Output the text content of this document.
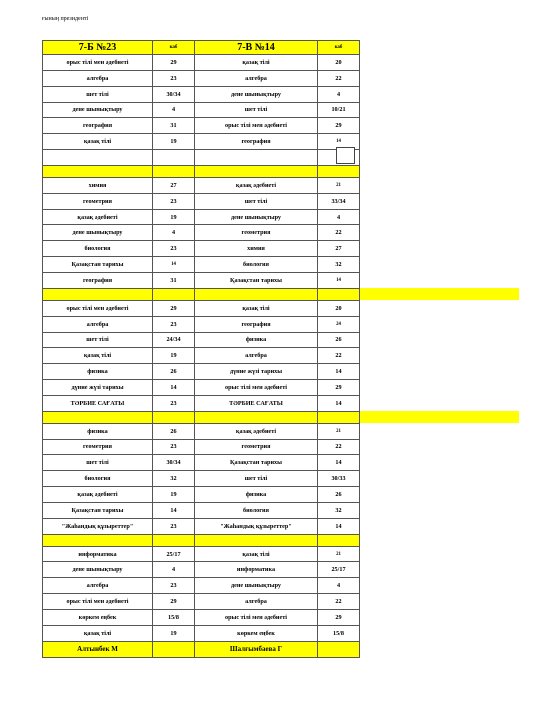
ғының президенті
7-Б №23	каб	7-В №14	каб
орыс тілі мен әдебиеті	29	қазақ тілі	20
алгебра	23	алгебра	22
шет тілі	30/34	дене шынықтыру	4
дене шынықтыру	4	шет тілі	10/21
география	31	орыс тілі мен әдебиеті	29
қазақ тілі	19	география	14

химия	27	қазақ әдебиеті	21
геометрия	23	шет тілі	33/34
қазақ әдебиеті	19	дене шынықтыру	4
дене шынықтыру	4	геометрия	22
биология	23	химия	27
Қазақстан тарихы	14	биология	32
география	31	Қазақстан тарихы	14

орыс тілі мен әдебиеті	29	қазақ тілі	20
алгебра	23	география	24
шет тілі	24/34	физика	26
қазақ тілі	19	алгебра	22
физика	26	дүние жүзі тарихы	14
дүние жүзі тарихы	14	орыс тілі мен әдебиеті	29
ТӘРБИЕ САҒАТЫ	23	ТӘРБИЕ САҒАТЫ	14

физика	26	қазақ әдебиеті	21
геометрия	23	геометрия	22
шет тілі	30/34	Қазақстан тарихы	14
биология	32	шет тілі	30/33
қазақ әдебиеті	19	физика	26
Қазақстан тарихы	14	биология	32
"Жаһандық құзыреттер"	23	"Жаһандық құзыреттер"	14

информатика	25/17	қазақ тілі	21
дене шынықтыру	4	информатика	25/17
алгебра	23	дене шынықтыру	4
орыс тілі мен әдебиеті	29	алгебра	22
көркем еңбек	15/8	орыс тілі мен әдебиеті	29
қазақ тілі	19	көркем еңбек	15/8
Алтынбек М		Шалғымбаева Г	
